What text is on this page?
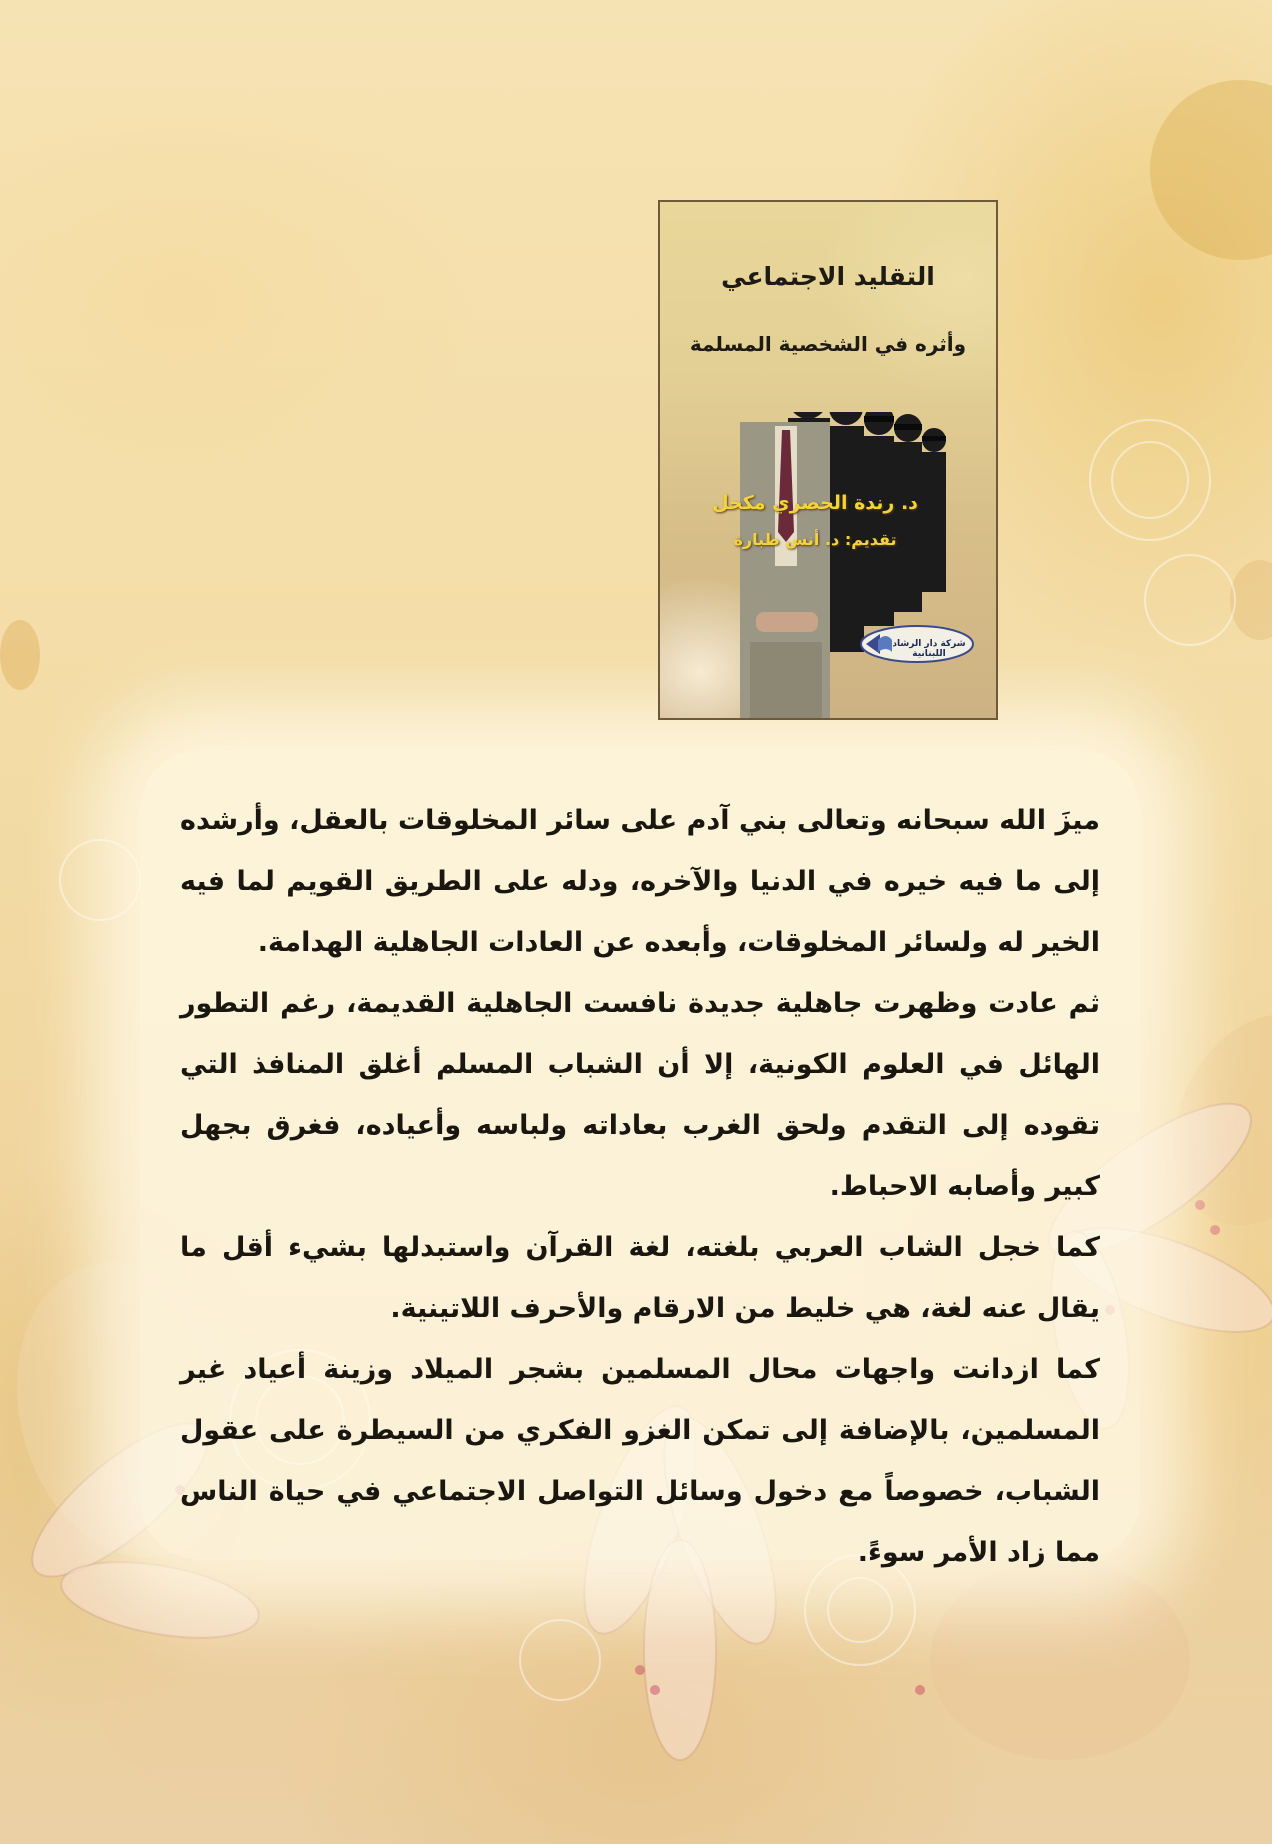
التقليد الاجتماعي
وأثره في الشخصية المسلمة
د. رندة الحصري مكحل
تقديم: د. أنس طبارة
شركة دار الرشاد اللبنانية

ميزَ الله سبحانه وتعالى بني آدم على سائر المخلوقات بالعقل، وأرشده إلى ما فيه خيره في الدنيا والآخره، ودله على الطريق القويم لما فيه الخير له ولسائر المخلوقات، وأبعده عن العادات الجاهلية الهدامة.

ثم عادت وظهرت جاهلية جديدة نافست الجاهلية القديمة، رغم التطور الهائل في العلوم الكونية، إلا أن الشباب المسلم أغلق المنافذ التي تقوده إلى التقدم ولحق الغرب بعاداته ولباسه وأعياده، فغرق بجهل كبير وأصابه الاحباط.

كما خجل الشاب العربي بلغته، لغة القرآن واستبدلها بشيء أقل ما يقال عنه لغة، هي خليط من الارقام والأحرف اللاتينية.

كما ازدانت واجهات محال المسلمين بشجر الميلاد وزينة أعياد غير المسلمين، بالإضافة إلى تمكن الغزو الفكري من السيطرة على عقول الشباب، خصوصاً مع دخول وسائل التواصل الاجتماعي في حياة الناس مما زاد الأمر سوءً.
